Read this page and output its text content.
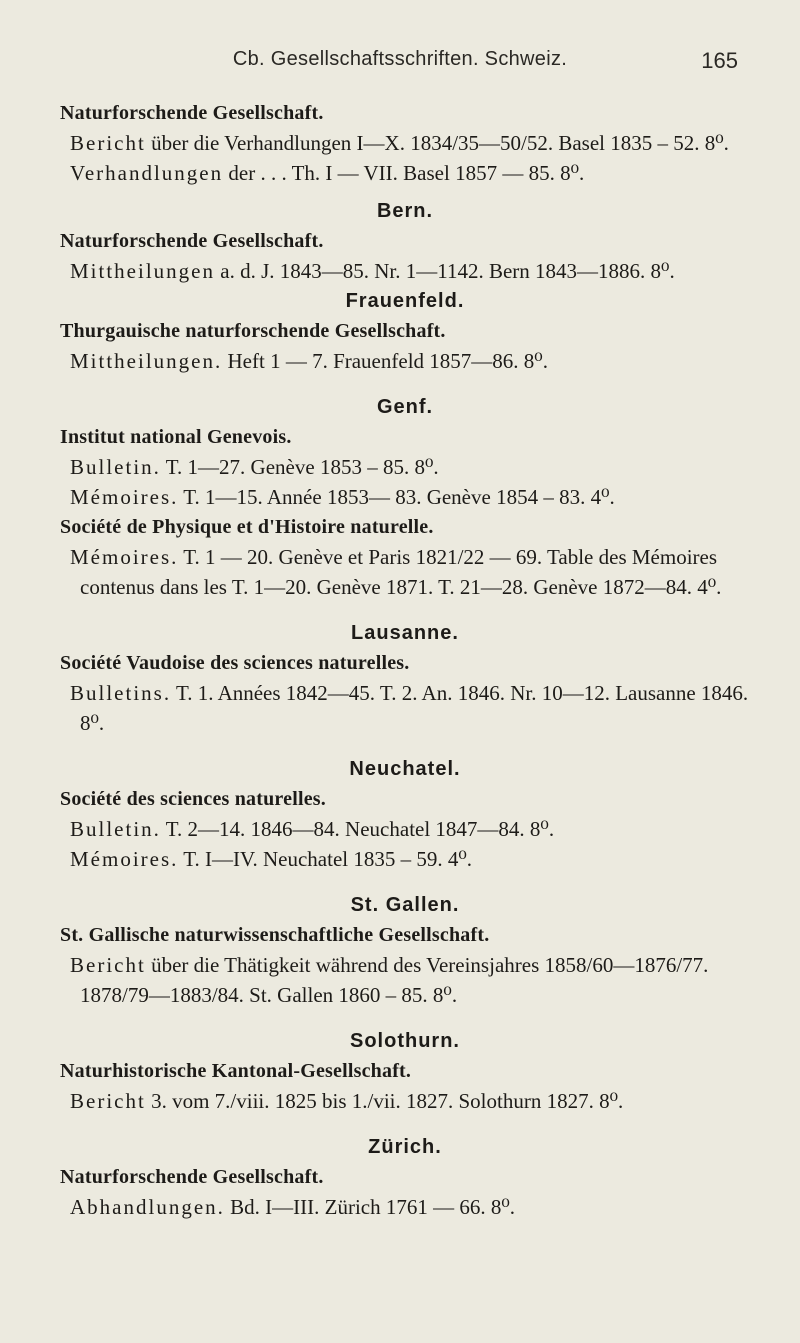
Cb. Gesellschaftsschriften. Schweiz.	165
Naturforschende Gesellschaft.
Bericht über die Verhandlungen I—X. 1834/35—50/52. Basel 1835 – 52. 8⁰.
Verhandlungen der . . . Th. I — VII. Basel 1857 — 85. 8⁰.
Bern.
Naturforschende Gesellschaft.
Mittheilungen a. d. J. 1843—85. Nr. 1—1142. Bern 1843—1886. 8⁰.
Frauenfeld.
Thurgauische naturforschende Gesellschaft.
Mittheilungen. Heft 1 — 7. Frauenfeld 1857—86. 8⁰.
Genf.
Institut national Genevois.
Bulletin. T. 1—27. Genève 1853 – 85. 8⁰.
Mémoires. T. 1—15. Année 1853— 83. Genève 1854 – 83. 4⁰.
Société de Physique et d'Histoire naturelle.
Mémoires. T. 1 — 20. Genève et Paris 1821/22 — 69. Table des Mémoires contenus dans les T. 1—20. Genève 1871. T. 21—28. Genève 1872—84. 4⁰.
Lausanne.
Société Vaudoise des sciences naturelles.
Bulletins. T. 1. Années 1842—45. T. 2. An. 1846. Nr. 10—12. Lausanne 1846. 8⁰.
Neuchatel.
Société des sciences naturelles.
Bulletin. T. 2—14. 1846—84. Neuchatel 1847—84. 8⁰.
Mémoires. T. I—IV. Neuchatel 1835 – 59. 4⁰.
St. Gallen.
St. Gallische naturwissenschaftliche Gesellschaft.
Bericht über die Thätigkeit während des Vereinsjahres 1858/60—1876/77. 1878/79—1883/84. St. Gallen 1860 – 85. 8⁰.
Solothurn.
Naturhistorische Kantonal-Gesellschaft.
Bericht 3. vom 7./viii. 1825 bis 1./vii. 1827. Solothurn 1827. 8⁰.
Zürich.
Naturforschende Gesellschaft.
Abhandlungen. Bd. I—III. Zürich 1761 — 66. 8⁰.
